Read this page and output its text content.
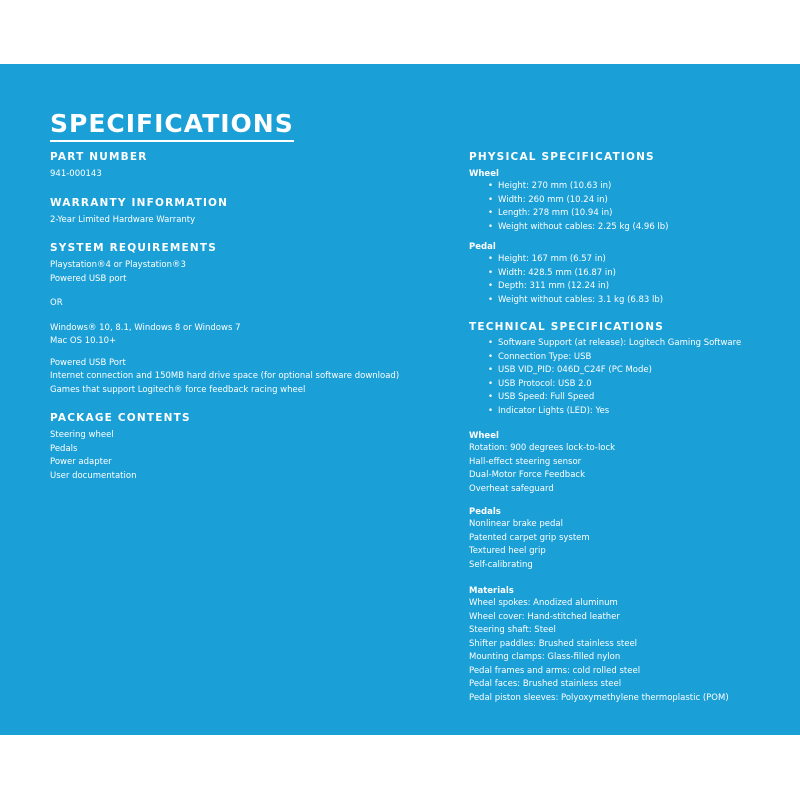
SPECIFICATIONS
PART NUMBER
941-000143
WARRANTY INFORMATION
2-Year Limited Hardware Warranty
SYSTEM REQUIREMENTS
Playstation®4 or Playstation®3
Powered USB port
OR
Windows® 10, 8.1, Windows 8 or Windows 7
Mac OS 10.10+
Powered USB Port
Internet connection and 150MB hard drive space (for optional software download)
Games that support Logitech® force feedback racing wheel
PACKAGE CONTENTS
Steering wheel
Pedals
Power adapter
User documentation
PHYSICAL SPECIFICATIONS
Wheel
• Height: 270 mm (10.63 in)
• Width: 260 mm (10.24 in)
• Length: 278 mm (10.94 in)
• Weight without cables: 2.25 kg (4.96 lb)
Pedal
• Height: 167 mm (6.57 in)
• Width: 428.5 mm (16.87 in)
• Depth: 311 mm (12.24 in)
• Weight without cables: 3.1 kg (6.83 lb)
TECHNICAL SPECIFICATIONS
• Software Support (at release): Logitech Gaming Software
• Connection Type: USB
• USB VID_PID: 046D_C24F (PC Mode)
• USB Protocol: USB 2.0
• USB Speed: Full Speed
• Indicator Lights (LED): Yes
Wheel
Rotation: 900 degrees lock-to-lock
Hall-effect steering sensor
Dual-Motor Force Feedback
Overheat safeguard
Pedals
Nonlinear brake pedal
Patented carpet grip system
Textured heel grip
Self-calibrating
Materials
Wheel spokes: Anodized aluminum
Wheel cover: Hand-stitched leather
Steering shaft: Steel
Shifter paddles: Brushed stainless steel
Mounting clamps: Glass-filled nylon
Pedal frames and arms: cold rolled steel
Pedal faces: Brushed stainless steel
Pedal piston sleeves: Polyoxymethylene thermoplastic (POM)
